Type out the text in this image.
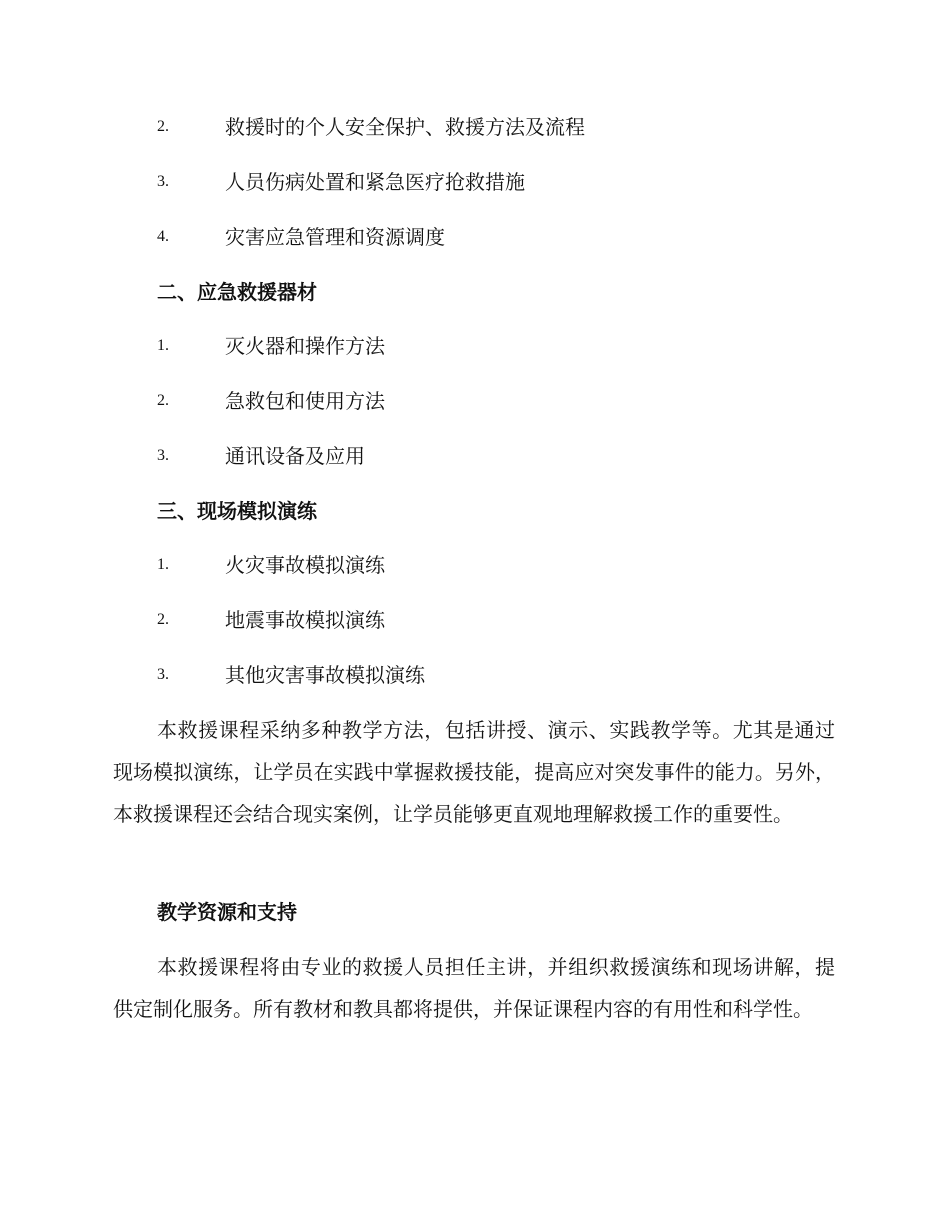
2.	救援时的个人安全保护、救援方法及流程
3.	人员伤病处置和紧急医疗抢救措施
4.	灾害应急管理和资源调度
二、应急救援器材
1.	灭火器和操作方法
2.	急救包和使用方法
3.	通讯设备及应用
三、现场模拟演练
1.	火灾事故模拟演练
2.	地震事故模拟演练
3.	其他灾害事故模拟演练

本救援课程采纳多种教学方法，包括讲授、演示、实践教学等。尤其是通过现场模拟演练，让学员在实践中掌握救援技能，提高应对突发事件的能力。另外，本救援课程还会结合现实案例，让学员能够更直观地理解救援工作的重要性。

教学资源和支持

本救援课程将由专业的救援人员担任主讲，并组织救援演练和现场讲解，提供定制化服务。所有教材和教具都将提供，并保证课程内容的有用性和科学性。
